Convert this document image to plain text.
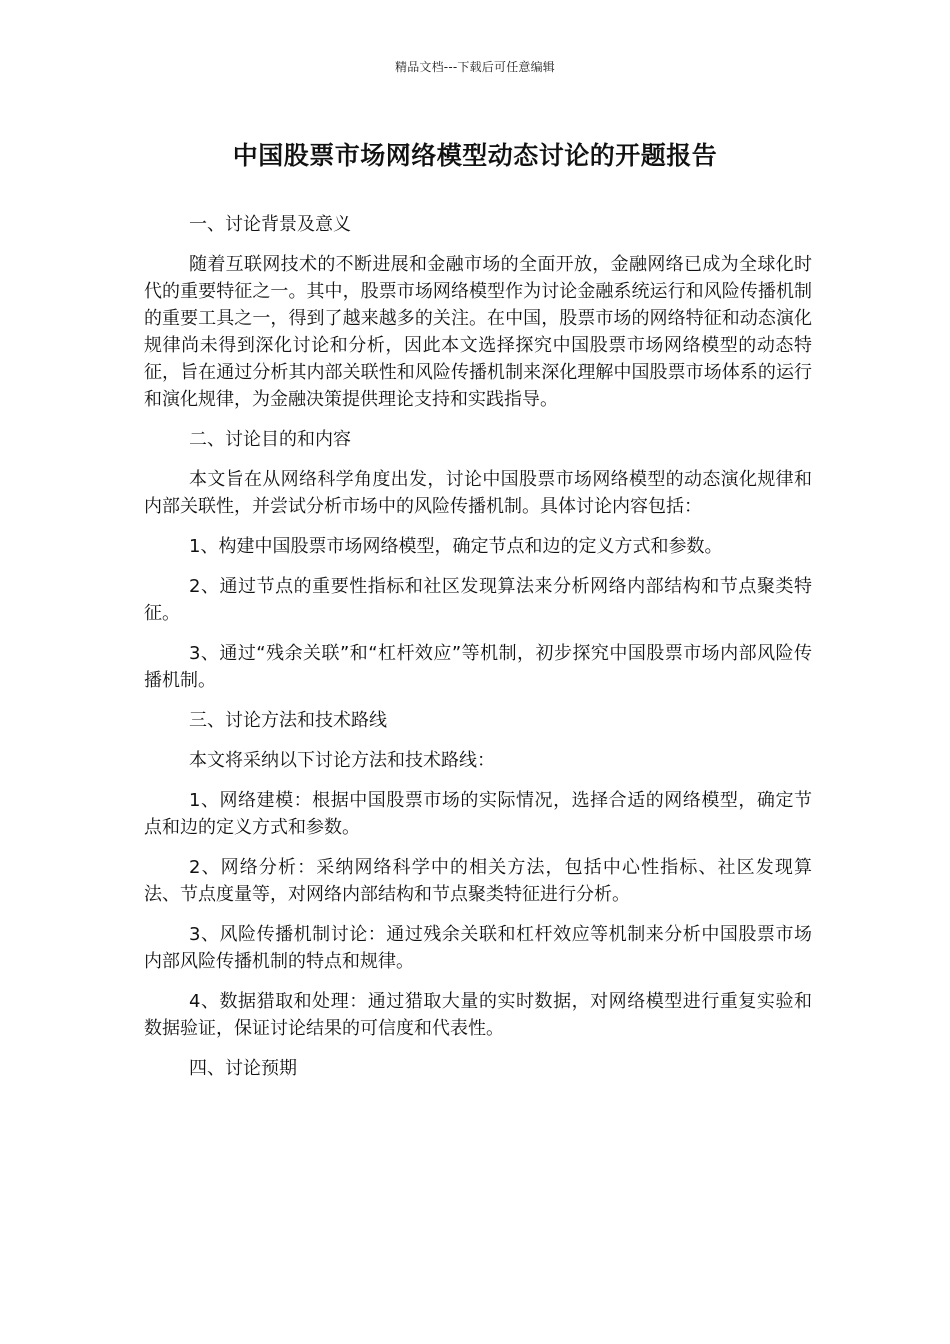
精品文档---下载后可任意编辑
中国股票市场网络模型动态讨论的开题报告

一、讨论背景及意义

随着互联网技术的不断进展和金融市场的全面开放，金融网络已成为全球化时代的重要特征之一。其中，股票市场网络模型作为讨论金融系统运行和风险传播机制的重要工具之一，得到了越来越多的关注。在中国，股票市场的网络特征和动态演化规律尚未得到深化讨论和分析，因此本文选择探究中国股票市场网络模型的动态特征，旨在通过分析其内部关联性和风险传播机制来深化理解中国股票市场体系的运行和演化规律，为金融决策提供理论支持和实践指导。

二、讨论目的和内容

本文旨在从网络科学角度出发，讨论中国股票市场网络模型的动态演化规律和内部关联性，并尝试分析市场中的风险传播机制。具体讨论内容包括：

1、构建中国股票市场网络模型，确定节点和边的定义方式和参数。

2、通过节点的重要性指标和社区发现算法来分析网络内部结构和节点聚类特征。

3、通过“残余关联”和“杠杆效应”等机制，初步探究中国股票市场内部风险传播机制。

三、讨论方法和技术路线

本文将采纳以下讨论方法和技术路线：

1、网络建模：根据中国股票市场的实际情况，选择合适的网络模型，确定节点和边的定义方式和参数。

2、网络分析：采纳网络科学中的相关方法，包括中心性指标、社区发现算法、节点度量等，对网络内部结构和节点聚类特征进行分析。

3、风险传播机制讨论：通过残余关联和杠杆效应等机制来分析中国股票市场内部风险传播机制的特点和规律。

4、数据猎取和处理：通过猎取大量的实时数据，对网络模型进行重复实验和数据验证，保证讨论结果的可信度和代表性。

四、讨论预期
